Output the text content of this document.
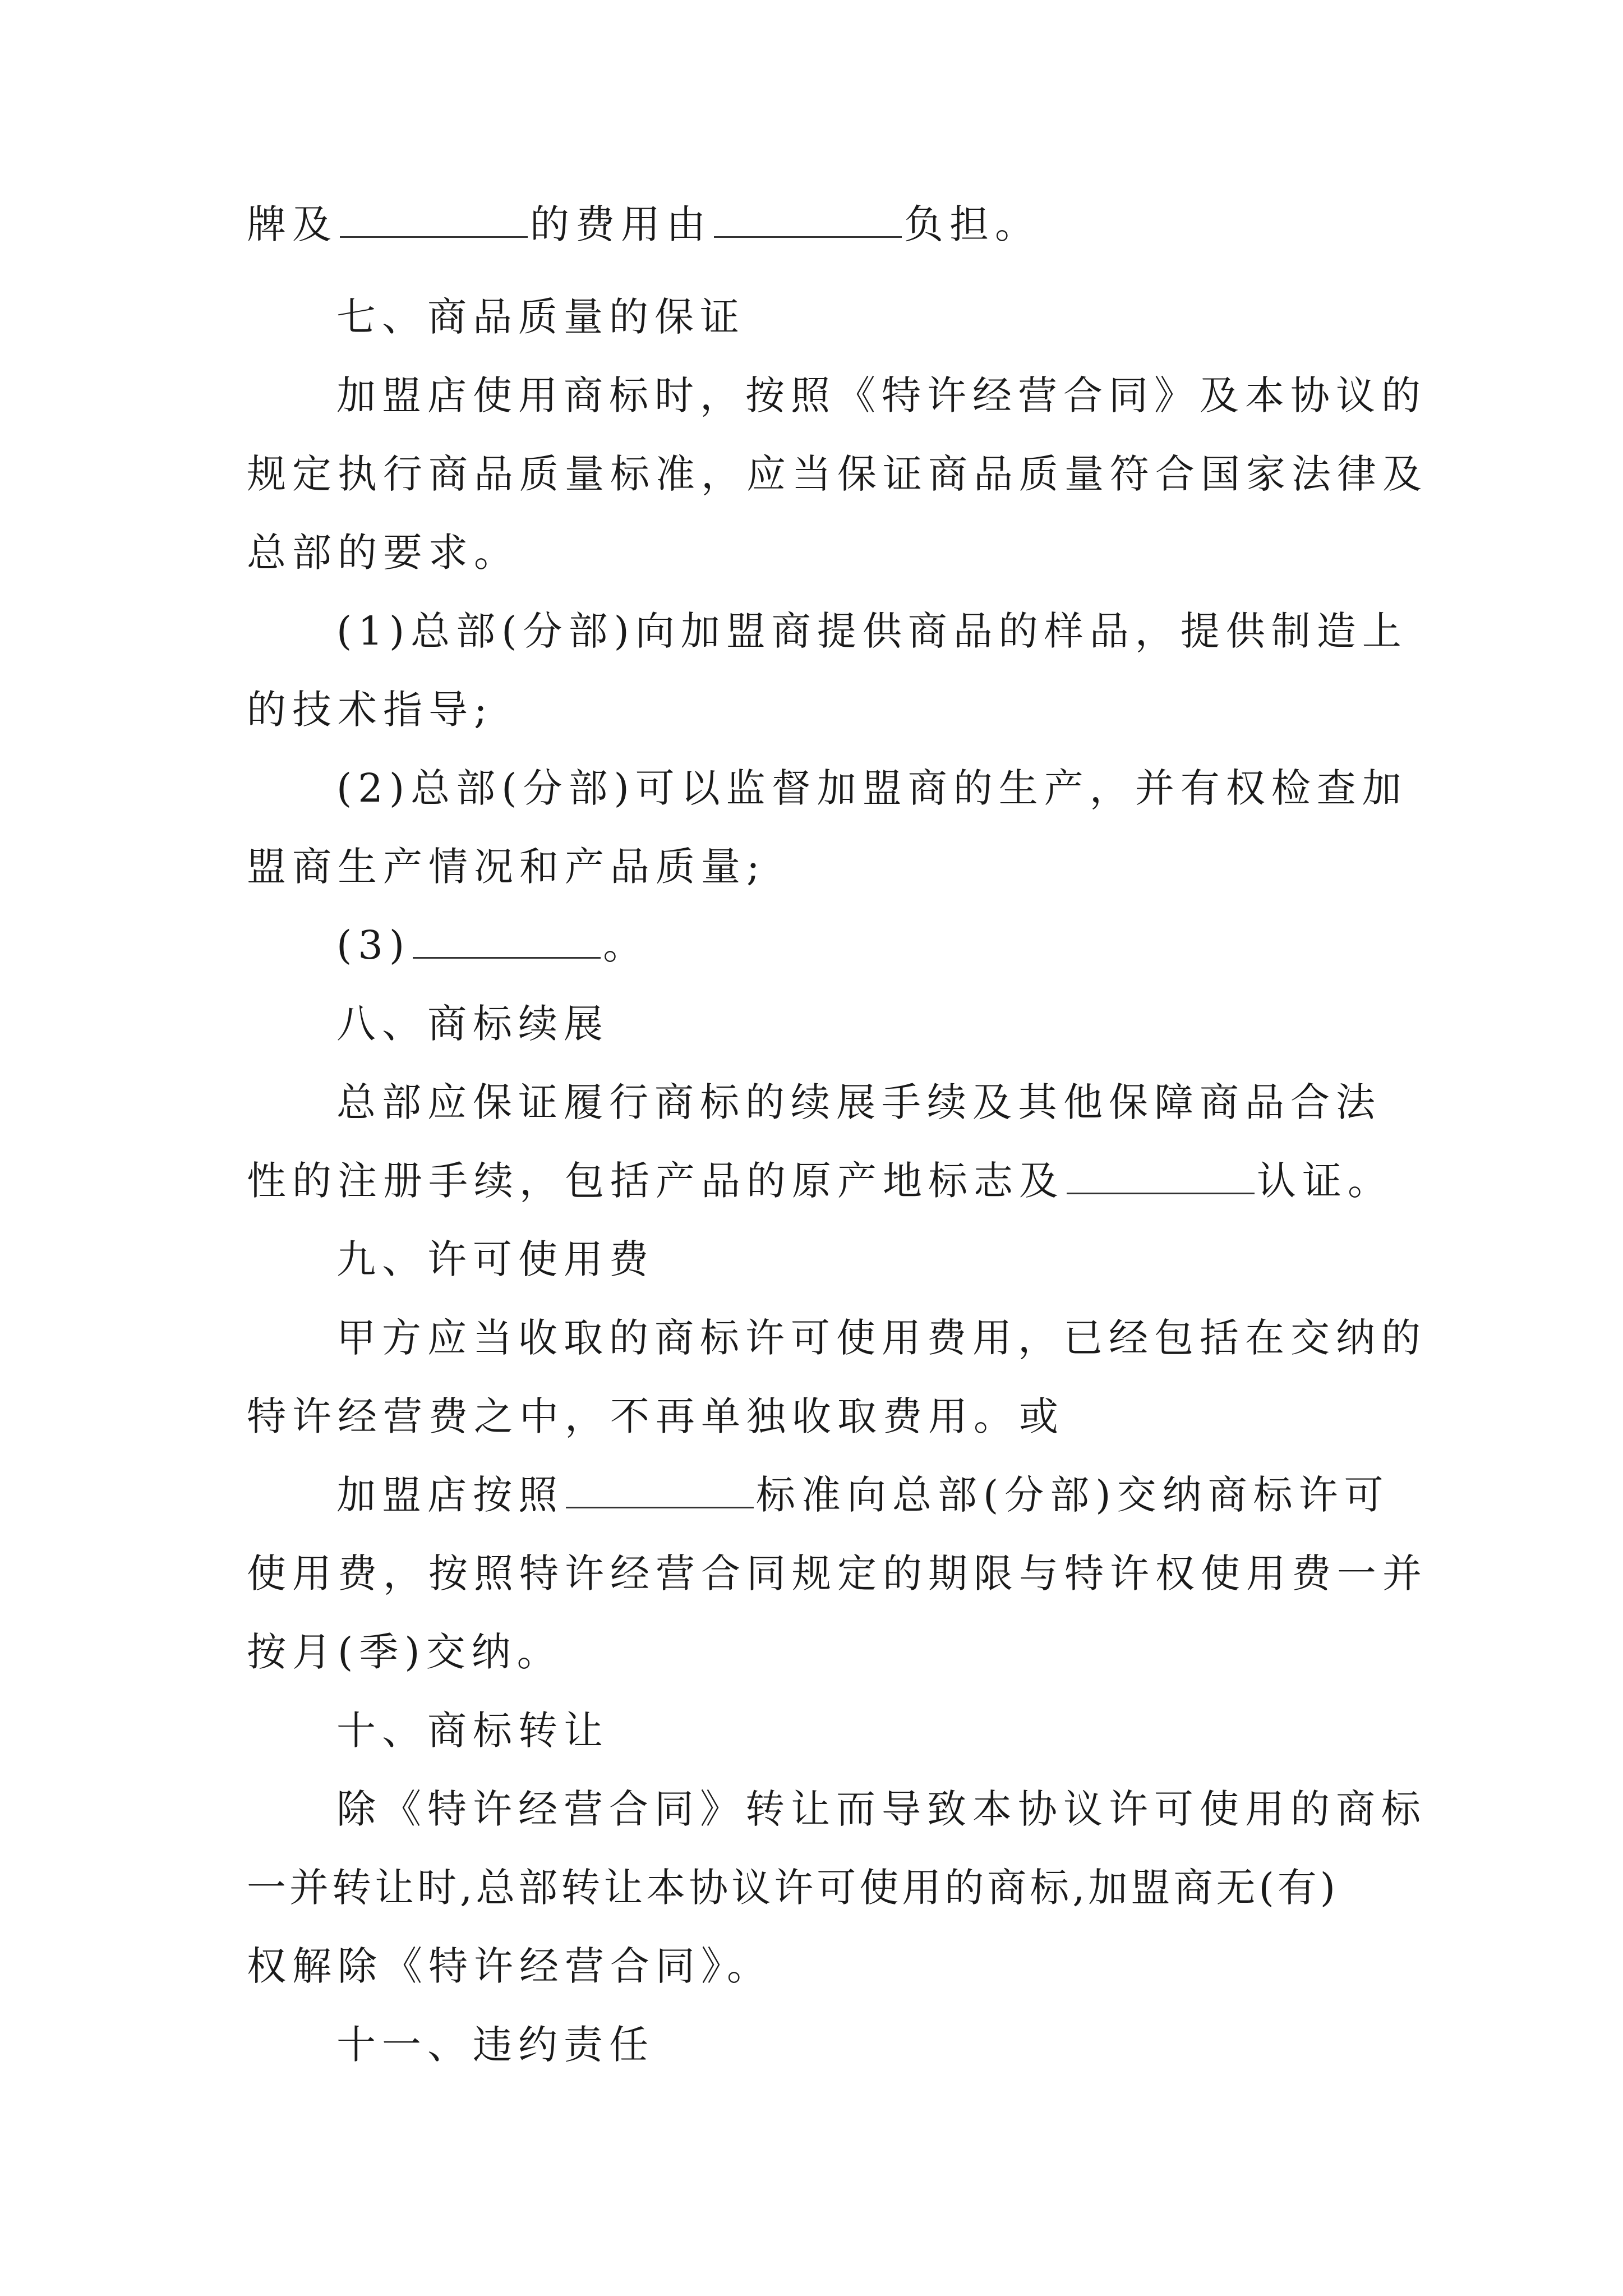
牌及	的费用由	负担。
七、商品质量的保证
加盟店使用商标时，按照《特许经营合同》及本协议的
规定执行商品质量标准，应当保证商品质量符合国家法律及
总部的要求。
(1)总部(分部)向加盟商提供商品的样品，提供制造上
的技术指导;
(2)总部(分部)可以监督加盟商的生产，并有权检查加
盟商生产情况和产品质量;
(3)	。
八、商标续展
总部应保证履行商标的续展手续及其他保障商品合法
性的注册手续，包括产品的原产地标志及	认证。
九、许可使用费
甲方应当收取的商标许可使用费用，已经包括在交纳的
特许经营费之中，不再单独收取费用。或
加盟店按照	标准向总部(分部)交纳商标许可
使用费，按照特许经营合同规定的期限与特许权使用费一并
按月(季)交纳。
十、商标转让
除《特许经营合同》转让而导致本协议许可使用的商标
一并转让时,总部转让本协议许可使用的商标,加盟商无(有)
权解除《特许经营合同》。
十一、违约责任
